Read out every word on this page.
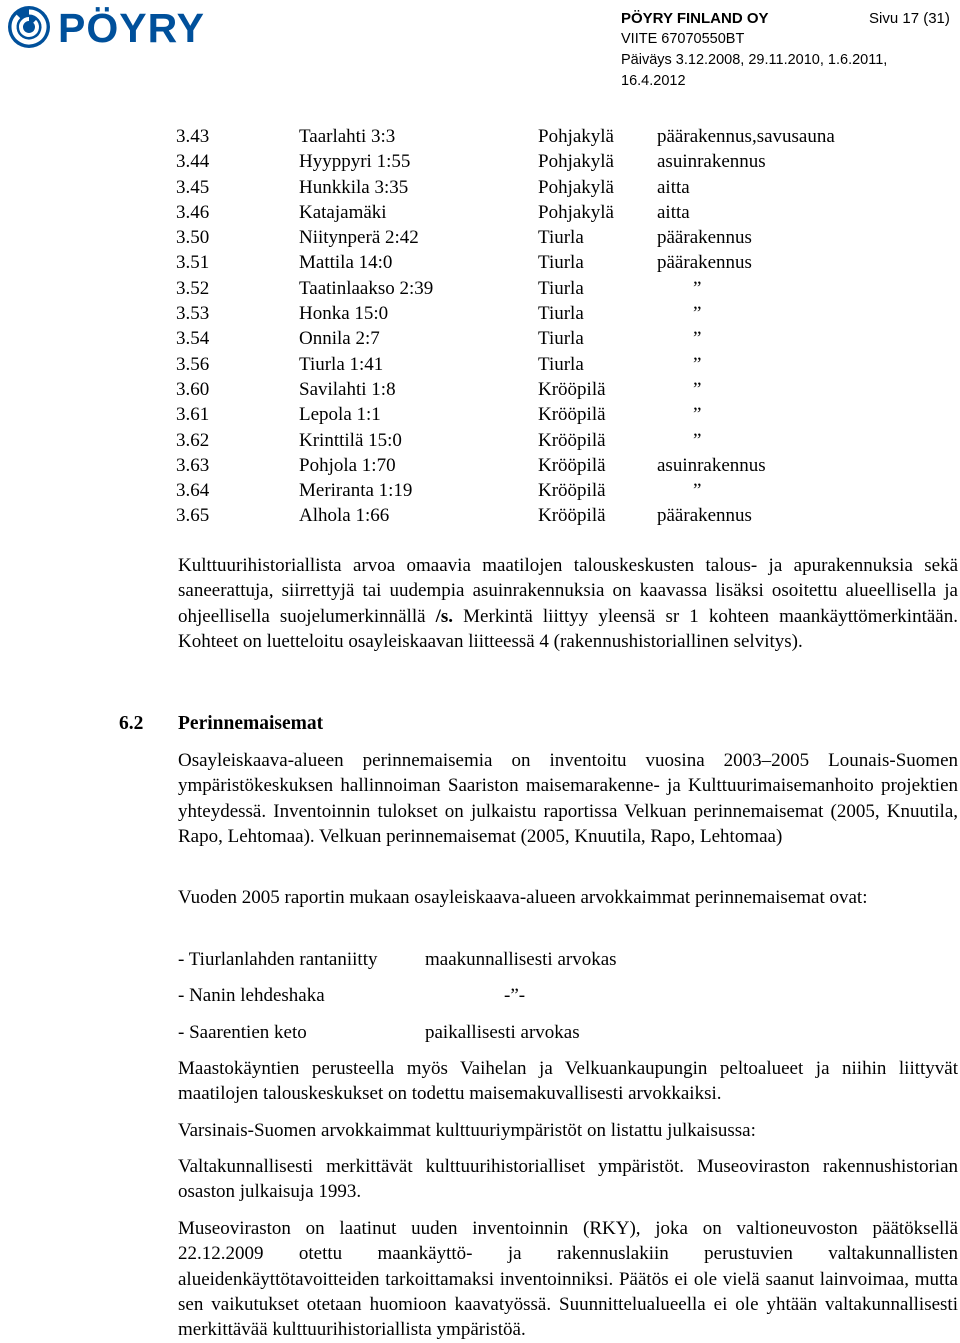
PÖYRY	PÖYRY FINLAND OY	Sivu 17 (31)
VIITE 67070550BT
Päiväys 3.12.2008, 29.11.2010, 1.6.2011, 16.4.2012
3.43	Taarlahti 3:3	Pohjakylä päärakennus,savusauna
3.44	Hyyppyri 1:55	Pohjakylä asuinrakennus
3.45	Hunkkila 3:35	Pohjakylä aitta
3.46	Katajamäki	Pohjakylä aitta
3.50	Niitynperä 2:42	Tiurla	päärakennus
3.51	Mattila 14:0	Tiurla	päärakennus
3.52	Taatinlaakso 2:39	Tiurla	”
3.53	Honka 15:0	Tiurla	”
3.54	Onnila 2:7	Tiurla	”
3.56	Tiurla 1:41	Tiurla	”
3.60	Savilahti 1:8	Krööpilä	”
3.61	Lepola 1:1	Krööpilä	”
3.62	Krinttilä 15:0	Krööpilä	”
3.63	Pohjola 1:70	Krööpilä	asuinrakennus
3.64	Meriranta 1:19	Krööpilä	”
3.65	Alhola 1:66	Krööpilä	päärakennus

Kulttuurihistoriallista arvoa omaavia maatilojen talouskeskusten talous- ja apurakennuksia sekä saneerattuja, siirrettyjä tai uudempia asuinrakennuksia on kaavassa lisäksi osoitettu alueellisella ja ohjeellisella suojelumerkinnällä /s. Merkintä liittyy yleensä sr 1 kohteen maankäyttömerkintään. Kohteet on luetteloitu osayleiskaavan liitteessä 4 (rakennushistoriallinen selvitys).

6.2 Perinnemaisemat

Osayleiskaava-alueen perinnemaisemia on inventoitu vuosina 2003–2005 Lounais-Suomen ympäristökeskuksen hallinnoiman Saariston maisemarakenne- ja Kulttuurimaisemanhoito projektien yhteydessä. Inventoinnin tulokset on julkaistu raportissa Velkuan perinnemaisemat (2005, Knuutila, Rapo, Lehtomaa). Velkuan perinnemaisemat (2005, Knuutila, Rapo, Lehtomaa)

Vuoden 2005 raportin mukaan osayleiskaava-alueen arvokkaimmat perinnemaisemat ovat:

- Tiurlanlahden rantaniitty	maakunnallisesti arvokas
- Nanin lehdeshaka	-”-
- Saarentien keto	paikallisesti arvokas

Maastokäyntien perusteella myös Vaihelan ja Velkuankaupungin peltoalueet ja niihin liittyvät maatilojen talouskeskukset on todettu maisemakuvallisesti arvokkaiksi.

Varsinais-Suomen arvokkaimmat kulttuuriympäristöt on listattu julkaisussa:

Valtakunnallisesti merkittävät kulttuurihistorialliset ympäristöt. Museoviraston rakennushistorian osaston julkaisuja 1993.

Museoviraston on laatinut uuden inventoinnin (RKY), joka on valtioneuvoston päätöksellä 22.12.2009 otettu maankäyttö- ja rakennuslakiin perustuvien valtakunnallisten alueidenkäyttötavoitteiden tarkoittamaksi inventoinniksi. Päätös ei ole vielä saanut lainvoimaa, mutta sen vaikutukset otetaan huomioon kaavatyössä. Suunnittelualueella ei ole yhtään valtakunnallisesti merkittävää kulttuurihistoriallista ympäristöä.
